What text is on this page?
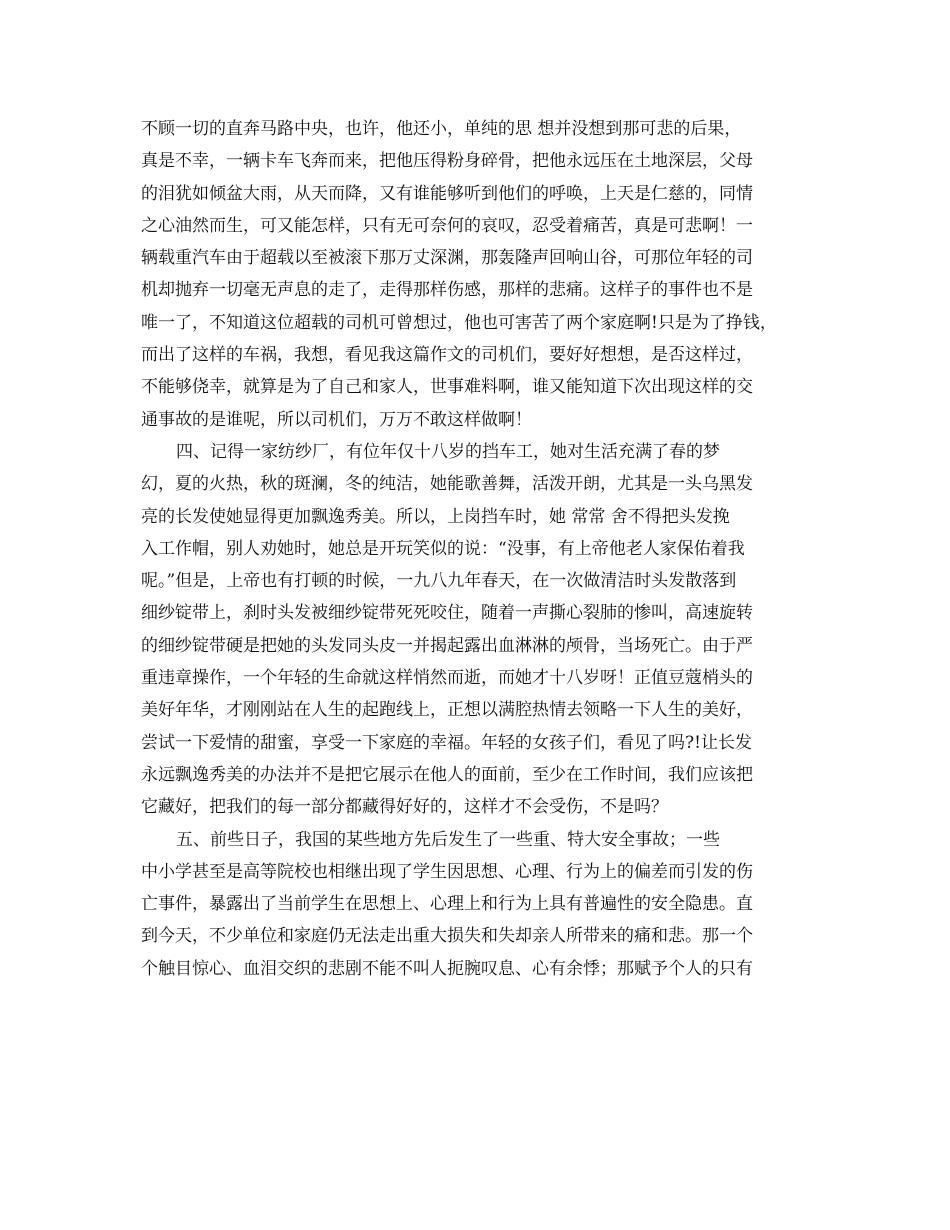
不顾一切的直奔马路中央，也许，他还小，单纯的思 想并没想到那可悲的后果，
真是不幸，一辆卡车飞奔而来，把他压得粉身碎骨，把他永远压在土地深层，父母
的泪犹如倾盆大雨，从天而降，又有谁能够听到他们的呼唤，上天是仁慈的，同情
之心油然而生，可又能怎样，只有无可奈何的哀叹，忍受着痛苦，真是可悲啊！一
辆载重汽车由于超载以至被滚下那万丈深渊，那轰隆声回响山谷，可那位年轻的司
机却抛弃一切毫无声息的走了，走得那样伤感，那样的悲痛。这样子的事件也不是
唯一了，不知道这位超载的司机可曾想过，他也可害苦了两个家庭啊!只是为了挣钱，
而出了这样的车祸，我想，看见我这篇作文的司机们，要好好想想，是否这样过，
不能够侥幸，就算是为了自己和家人，世事难料啊，谁又能知道下次出现这样的交
通事故的是谁呢，所以司机们，万万不敢这样做啊！
四、记得一家纺纱厂，有位年仅十八岁的挡车工，她对生活充满了春的梦
幻，夏的火热，秋的斑澜，冬的纯洁，她能歌善舞，活泼开朗，尤其是一头乌黑发
亮的长发使她显得更加飘逸秀美。所以，上岗挡车时，她 常常 舍不得把头发挽
入工作帽，别人劝她时，她总是开玩笑似的说：“没事，有上帝他老人家保佑着我
呢。”但是，上帝也有打顿的时候，一九八九年春天，在一次做清洁时头发散落到
细纱锭带上，刹时头发被细纱锭带死死咬住，随着一声撕心裂肺的惨叫，高速旋转
的细纱锭带硬是把她的头发同头皮一并揭起露出血淋淋的颅骨，当场死亡。由于严
重违章操作，一个年轻的生命就这样悄然而逝，而她才十八岁呀！正值豆蔻梢头的
美好年华，才刚刚站在人生的起跑线上，正想以满腔热情去领略一下人生的美好，
尝试一下爱情的甜蜜，享受一下家庭的幸福。年轻的女孩子们，看见了吗?!让长发
永远飘逸秀美的办法并不是把它展示在他人的面前，至少在工作时间，我们应该把
它藏好，把我们的每一部分都藏得好好的，这样才不会受伤，不是吗？
五、前些日子，我国的某些地方先后发生了一些重、特大安全事故；一些
中小学甚至是高等院校也相继出现了学生因思想、心理、行为上的偏差而引发的伤
亡事件，暴露出了当前学生在思想上、心理上和行为上具有普遍性的安全隐患。直
到今天，不少单位和家庭仍无法走出重大损失和失却亲人所带来的痛和悲。那一个
个触目惊心、血泪交织的悲剧不能不叫人扼腕叹息、心有余悸；那赋予个人的只有
